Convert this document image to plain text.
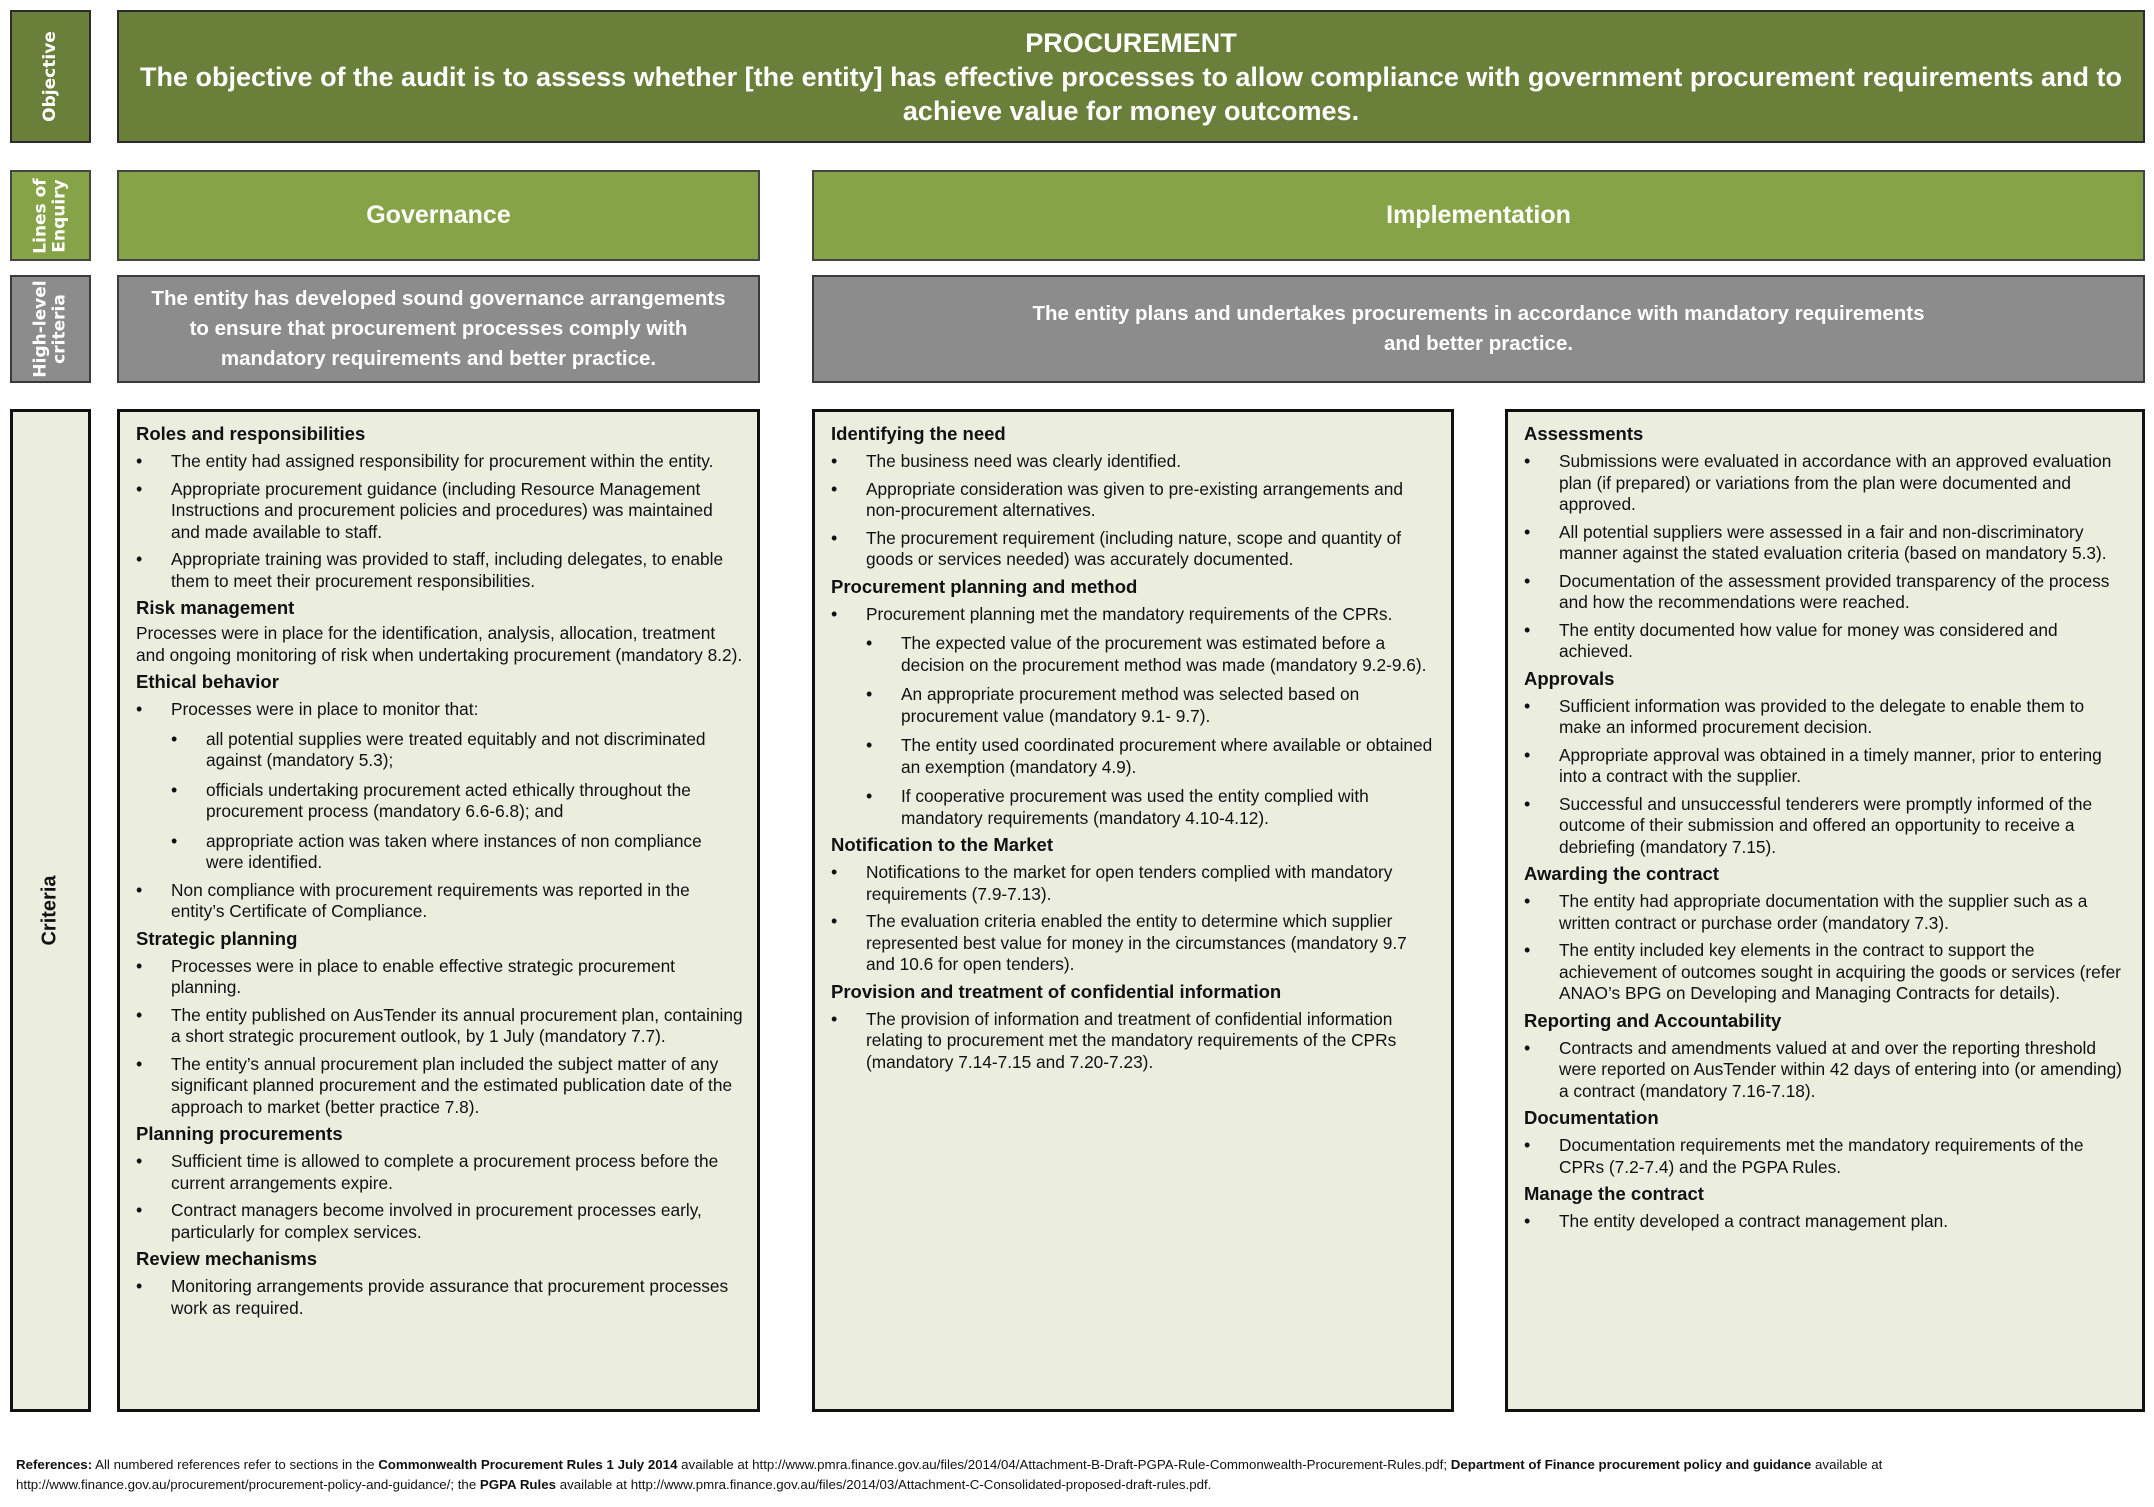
Objective
Lines of Enquiry
High-level criteria
Criteria
PROCUREMENT
The objective of the audit is to assess whether [the entity] has effective processes to allow compliance with government procurement requirements and to achieve value for money outcomes.
Governance	Implementation
The entity has developed sound governance arrangements to ensure that procurement processes comply with mandatory requirements and better practice.
The entity plans and undertakes procurements in accordance with mandatory requirements
and better practice.
Roles and responsibilities
• The entity had assigned responsibility for procurement within the entity.
• Appropriate procurement guidance (including Resource Management Instructions and procurement policies and procedures) was maintained and made available to staff.
• Appropriate training was provided to staff, including delegates, to enable them to meet their procurement responsibilities.
Risk management
Processes were in place for the identification, analysis, allocation, treatment and ongoing monitoring of risk when undertaking procurement (mandatory 8.2).
Ethical behavior
• Processes were in place to monitor that:
• all potential supplies were treated equitably and not discriminated against (mandatory 5.3);
• officials undertaking procurement acted ethically throughout the procurement process (mandatory 6.6-6.8); and
• appropriate action was taken where instances of non compliance were identified.
• Non compliance with procurement requirements was reported in the entity’s Certificate of Compliance.
Strategic planning
• Processes were in place to enable effective strategic procurement planning.
• The entity published on AusTender its annual procurement plan, containing a short strategic procurement outlook, by 1 July (mandatory 7.7).
• The entity’s annual procurement plan included the subject matter of any significant planned procurement and the estimated publication date of the approach to market (better practice 7.8).
Planning procurements
• Sufficient time is allowed to complete a procurement process before the current arrangements expire.
• Contract managers become involved in procurement processes early, particularly for complex services.
Review mechanisms
• Monitoring arrangements provide assurance that procurement processes work as required.
Identifying the need
• The business need was clearly identified.
• Appropriate consideration was given to pre-existing arrangements and non-procurement alternatives.
• The procurement requirement (including nature, scope and quantity of goods or services needed) was accurately documented.
Procurement planning and method
• Procurement planning met the mandatory requirements of the CPRs.
• The expected value of the procurement was estimated before a decision on the procurement method was made (mandatory 9.2-9.6).
• An appropriate procurement method was selected based on procurement value (mandatory 9.1- 9.7).
• The entity used coordinated procurement where available or obtained an exemption (mandatory 4.9).
• If cooperative procurement was used the entity complied with mandatory requirements (mandatory 4.10-4.12).
Notification to the Market
• Notifications to the market for open tenders complied with mandatory requirements (7.9-7.13).
• The evaluation criteria enabled the entity to determine which supplier represented best value for money in the circumstances (mandatory 9.7 and 10.6 for open tenders).
Provision and treatment of confidential information
• The provision of information and treatment of confidential information relating to procurement met the mandatory requirements of the CPRs (mandatory 7.14-7.15 and 7.20-7.23).
Assessments
• Submissions were evaluated in accordance with an approved evaluation plan (if prepared) or variations from the plan were documented and approved.
• All potential suppliers were assessed in a fair and non-discriminatory manner against the stated evaluation criteria (based on mandatory 5.3).
• Documentation of the assessment provided transparency of the process and how the recommendations were reached.
• The entity documented how value for money was considered and achieved.
Approvals
• Sufficient information was provided to the delegate to enable them to make an informed procurement decision.
• Appropriate approval was obtained in a timely manner, prior to entering into a contract with the supplier.
• Successful and unsuccessful tenderers were promptly informed of the outcome of their submission and offered an opportunity to receive a debriefing (mandatory 7.15).
Awarding the contract
• The entity had appropriate documentation with the supplier such as a written contract or purchase order (mandatory 7.3).
• The entity included key elements in the contract to support the achievement of outcomes sought in acquiring the goods or services (refer ANAO’s BPG on Developing and Managing Contracts for details).
Reporting and Accountability
• Contracts and amendments valued at and over the reporting threshold were reported on AusTender within 42 days of entering into (or amending) a contract (mandatory 7.16-7.18).
Documentation
• Documentation requirements met the mandatory requirements of the CPRs (7.2-7.4) and the PGPA Rules.
Manage the contract
• The entity developed a contract management plan.
References: All numbered references refer to sections in the Commonwealth Procurement Rules 1 July 2014 available at http://www.pmra.finance.gov.au/files/2014/04/Attachment-B-Draft-PGPA-Rule-Commonwealth-Procurement-Rules.pdf; Department of Finance procurement policy and guidance available at http://www.finance.gov.au/procurement/procurement-policy-and-guidance/; the PGPA Rules available at http://www.pmra.finance.gov.au/files/2014/03/Attachment-C-Consolidated-proposed-draft-rules.pdf.
